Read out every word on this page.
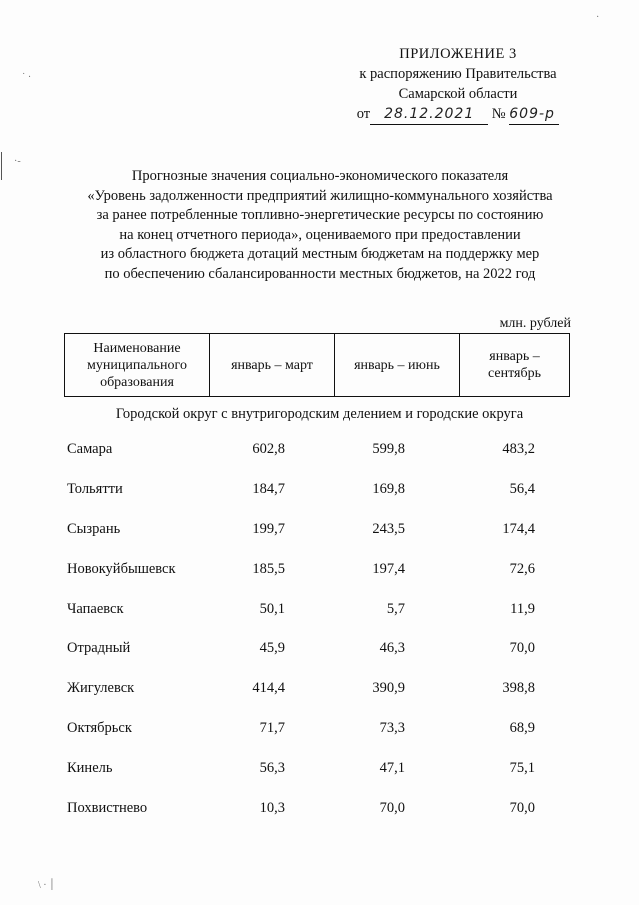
˙ ·
·-
\ · ׀
·
ПРИЛОЖЕНИЕ 3
к распоряжению Правительства
Самарской области
от 28.12.2021 № 609-р
Прогнозные значения социально-экономического показателя
«Уровень задолженности предприятий жилищно-коммунального хозяйства
за ранее потребленные топливно-энергетические ресурсы по состоянию
на конец отчетного периода», оцениваемого при предоставлении
из областного бюджета дотаций местным бюджетам на поддержку мер
по обеспечению сбалансированности местных бюджетов, на 2022 год
млн. рублей
Наименование муниципального образования	январь – март	январь – июнь	январь – сентябрь
Городской округ с внутригородским делением и городские округа
Самара	602,8	599,8	483,2
Тольятти	184,7	169,8	56,4
Сызрань	199,7	243,5	174,4
Новокуйбышевск	185,5	197,4	72,6
Чапаевск	50,1	5,7	11,9
Отрадный	45,9	46,3	70,0
Жигулевск	414,4	390,9	398,8
Октябрьск	71,7	73,3	68,9
Кинель	56,3	47,1	75,1
Похвистнево	10,3	70,0	70,0
